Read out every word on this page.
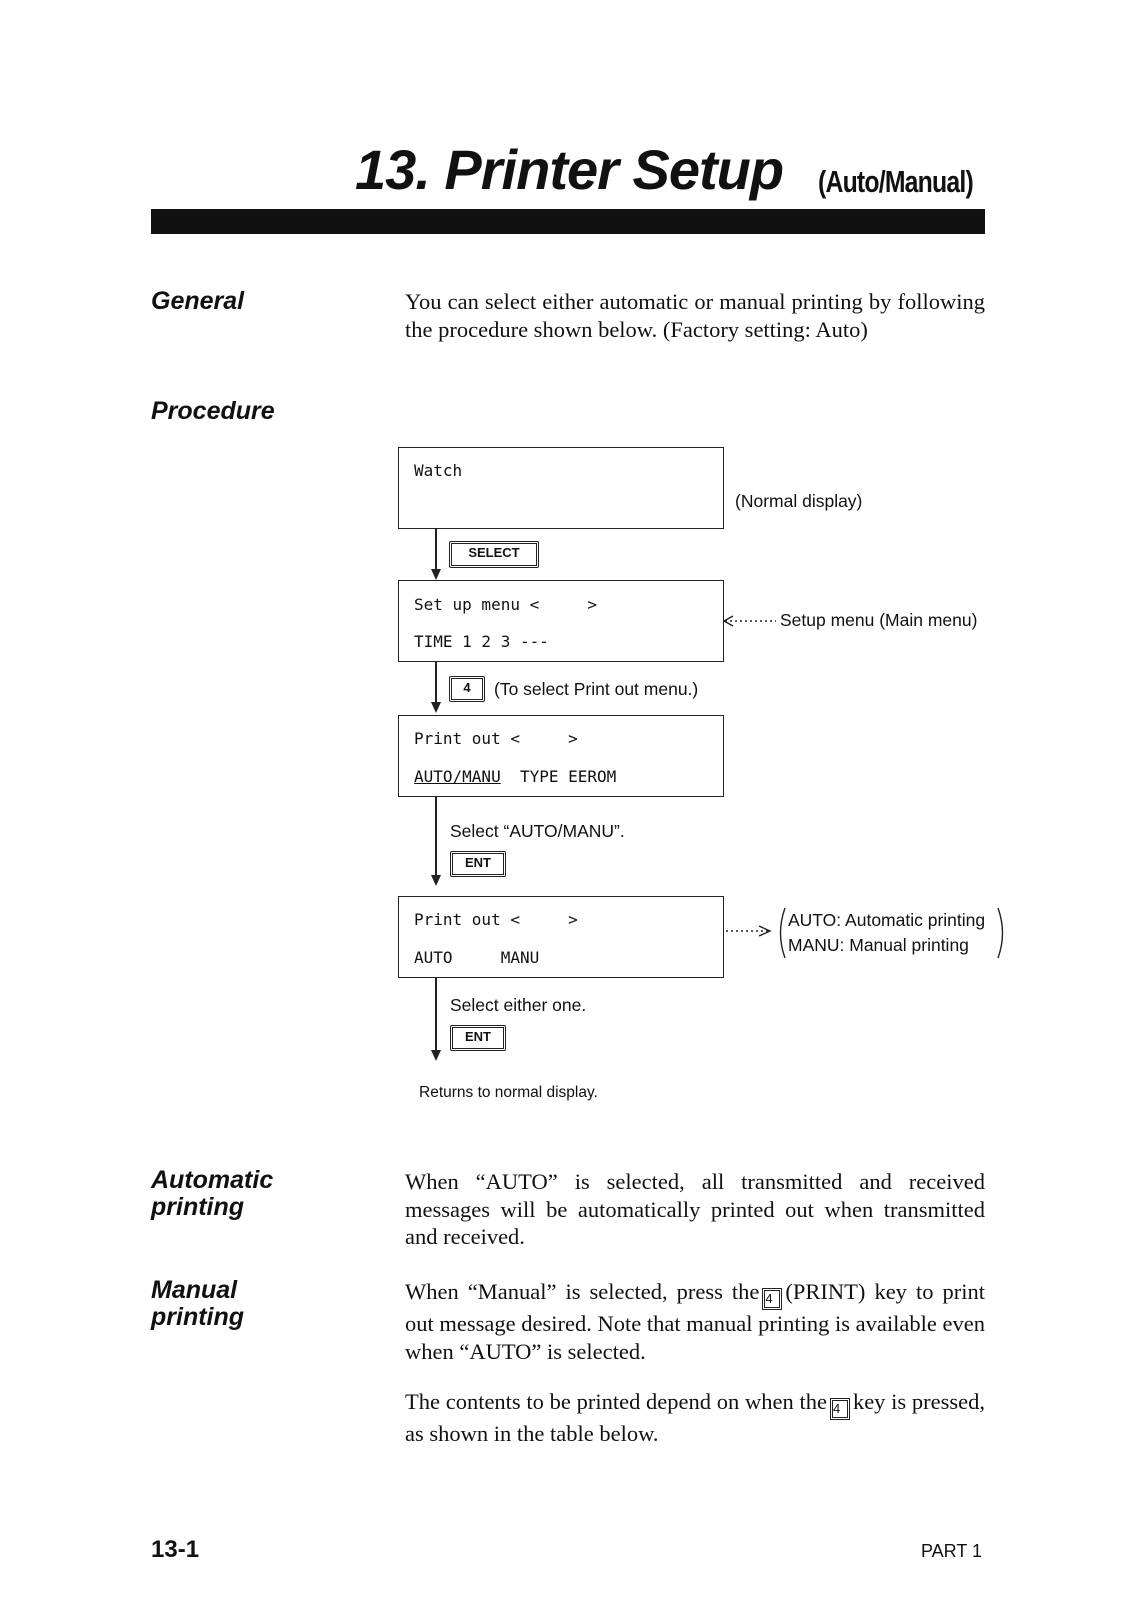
13. Printer Setup (Auto/Manual)
General	You can select either automatic or manual printing by following the procedure shown below. (Factory setting: Auto)
Procedure
Watch
(Normal display)
SELECT
Set up menu <     >
TIME 1 2 3 ---
Setup menu (Main menu)
4	(To select Print out menu.)
Print out <     >
AUTO/MANU TYPE EEROM
Select “AUTO/MANU”.
ENT
Print out <     >
AUTO     MANU
AUTO: Automatic printing
MANU: Manual printing
Select either one.
ENT
Returns to normal display.
Automatic
printing
When “AUTO” is selected, all transmitted and received messages will be automatically printed out when transmitted and received.
Manual
printing
When “Manual” is selected, press the 4 (PRINT) key to print out message desired. Note that manual printing is available even when “AUTO” is selected.
The contents to be printed depend on when the 4 key is pressed, as shown in the table below.
13-1	PART 1
